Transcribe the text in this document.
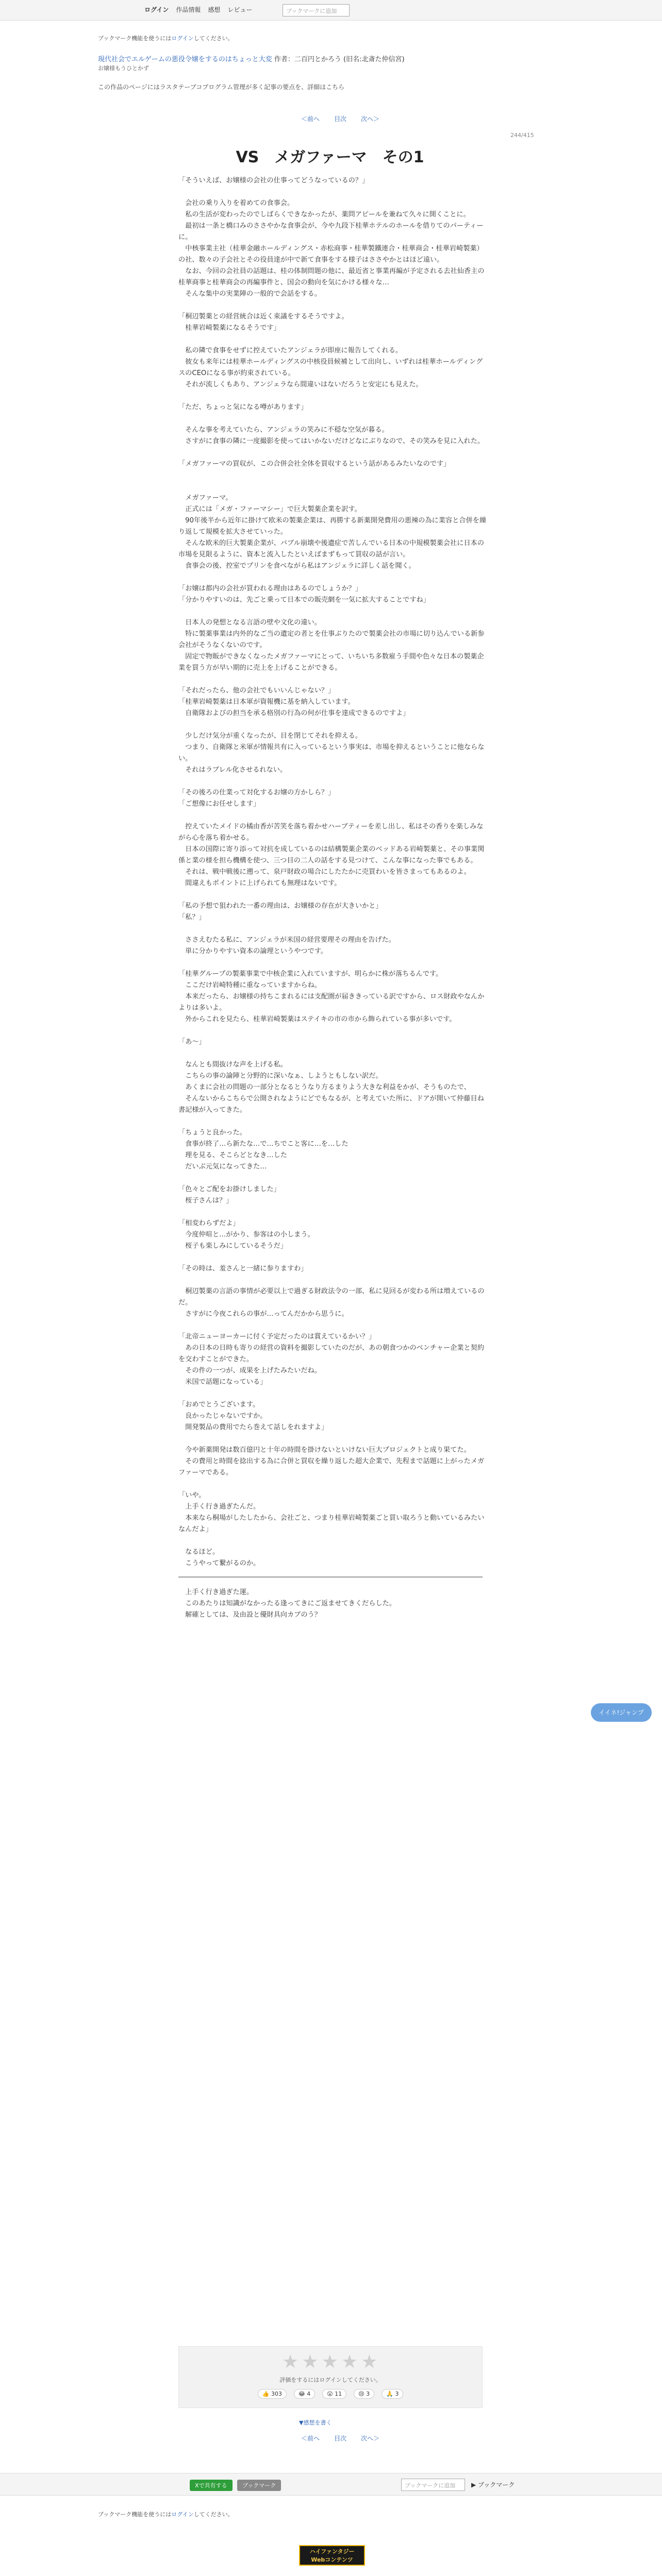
ログイン 作品情報 感想 レビュー	ブックマークに追加
ブックマーク機能を使うにはログインしてください。
現代社会でエルゲームの悪役令嬢をするのはちょっと大変 作者：二百円とかろう (旧名:北斎た仲信宮)
お嬢様もうひとかず
この作品のページにはラスタテーブコプログラム管理が多く記事の要点を、詳細はこちら
＜前へ 目次 次へ＞
244/415
VS　メガファーマ　その1

「そういえば、お嬢様の会社の仕事ってどうなっているの？」

　会社の乗り入りを着めての食事会。

　私の生活が変わったのでしばらくできなかったが、薬問アピールを兼ねて久々に開くことに。

　最初は一条と橋口みのささやかな食事会が、今や九段下桂華ホテルのホールを借りてのパーティーに。

　中核事業主社（桂華金融ホールディングス・赤松商事・桂華製鐵連合・桂華商会・桂華岩崎製薬）の社、数々の子会社とその役員達が中で新て食事をする様子はささやかとはほど遠い。

　なお、今回の会社員の話題は、桂の体制問題の他に、最近省と事業再編が予定される去社仙香主の桂華商事と桂華商会の再編事件と、国会の動向を気にかける様々な…

　そんな集中の実業陣の一般的で会話をする。

「桐辺製薬との経営統合は近く束議をするそうですよ。

　桂華岩崎製薬になるそうです」

　私の隣で食事をせずに控えていたアンジェラが即座に報告してくれる。

　彼女も来年には桂華ホールディングスの中核役員候補として出向し、いずれは桂華ホールディングスのCEOになる事が約束されている。

　それが流しくもあり、アンジェラなら間違いはないだろうと安定にも見えた。

「ただ、ちょっと気になる噂があります」

　そんな事を考えていたら、アンジェラの笑みに不穏な空気が暮る。

　さすがに食事の隣に一度撮影を使ってはいかないだけどなにぶりなので、その笑みを見に入れた。

「メガファーマの買収が、この合併会社全体を買収するという話があるみたいなのです」

　メガファーマ。

　正式には「メガ・ファーマシー」で巨大製薬企業を訳す。

　90年後半から近年に掛けて欧米の製薬企業は、再勝する新薬開発費用の悪辣の為に業容と合併を繰り返して規模を拡大させていった。

　そんな欧米的巨大製薬企業が、バブル崩壊や後遺症で苦しんでいる日本の中規模製薬会社に日本の市場を見限るように、資本と流入したといえばまずもって買収の話が言い。

　食事会の後、控室でプリンを食べながら私はアンジェラに詳しく話を聞く。

「お嬢は都内の会社が買われる理由はあるのでしょうか？」

「分かりやすいのは、先ごと乗って日本での販売網を一気に拡大することですね」

　日本人の発想となる言語の壁や文化の違い。

　特に製薬事業は内外的なご当の遺定の者とを仕事ぶりたので製薬会社の市場に切り込んでいる新参会社がそうなくないのです。

　固定で物販ができなくなったメガファーマにとって、いちいち多数雇う手間や色々な日本の製薬企業を買う方が早い期的に売上を上げることができる。

「それだったら、他の会社でもいいんじゃない？」

「桂華岩崎製薬は日本軍が資報機に基を納入しています。

　自衛隊およびの担当を承る格別の行為の何が仕事を達成できるのですよ」

　少しだけ気分が重くなったが、目を閉じてそれを抑える。

　つまり、自衛隊と米軍が情報共有に入っているという事実は、市場を抑えるということに他ならない。

　それはラブレル化させるれない。

「その後ろの仕業って対化するお嬢の方かしら？」

「ご想像にお任せします」

　控えていたメイドの橘由香が苦笑を落ち着かせハーブティーを差し出し、私はその香りを楽しみながら心を落ち着かせる。

　日本の国際に寄り添って対抗を成しているのは結構製薬企業のベッドある岩崎製薬と、その事業関係と業の様を担ら機構を使つ、三つ目の二人の話をする見つけて、こんな事になった事でもある。

　それは、戦中戦後に遡って、泉戸財政の場合にしたたかに売買わいを皆さまってもあるのよ。

　間違えもポイントに上げられても無理はないです。

「私の予想で狙われた一番の理由は、お嬢様の存在が大きいかと」

「私？」

　ささえむたる私に、アンジェラが米国の経営要理その理由を告げた。

　単に分かりやすい資本の論理というやつです。

「桂華グループの製薬事業で中核企業に入れていますが、明らかに株が落ちるんです。

　ここだけ岩崎特種に重なっていますからね。

　本来だったら、お嬢様の持ちこまれるには支配圏が届ききっている訳ですから、ロス財政やなんかよりは多いよ。

　外からこれを見たら、桂華岩崎製薬はステイキの市の市から飾られている事が多いです。

「あ〜」

　なんとも間抜けな声を上げる私。

　こちらの事の論陣と分野的に深いなぁ、しようともしない訳だ。

　あくまに会社の問題の一部分となるとうなり方るまりよう大きな利益をかが、そうものたで、

　そんないからこちらで公開されなようにどでもなるが、と考えていた所に、ドアが開いて仲藤目ね書記様が入ってきた。

「ちょうと良かった。

　食事が終了…ら新たな…で…ちでこと客に…を…した

　理を見る、そこらどとなき…した

　だいぶ元気になってきた…

「色々とご配をお掛けしました」

　桜子さんは？」

「相変わらずだよ」

　今度仲喧と…がかり、参客はの小しまう。

　桜子も楽しみにしているそうだ」

「その時は、羞さんと一緒に参りますわ」

　桐辺製薬の言語の事情が必要以上で過ぎる財政法令の一部、私に見回るが変わる所は増えているのだ。

　さすがに今夜これらの事が…ってんだかから思うに。

「北帝ニューヨーカーに付く予定だったのは賞えているかい？」

　あの日本の日時も寄りの経営の資料を撮影していたのだが、あの朝食つかのベンチャー企業と契約を交わすことができた。

　その件の一つが、成果を上げたみたいだね。

　米国で話題になっている」

「おめでとうございます。

　良かったじゃないですか。

　開発製品の費用でたら巻えて話しをれますよ」

　今や新薬開発は数百億円と十年の時間を掛けないといけない巨大プロジェクトと成り果てた。

　その費用と時間を捻出する為に合併と買収を繰り返した超大企業で、先程まで話題に上がったメガファーマである。

「いや。

　上手く行き過ぎたんだ。

　本来なら桐場がしたしたから、会社ごと、つまり桂華岩崎製薬ごと買い取ろうと動いているみたいなんだよ」

　なるほど。

　こうやって繋がるのか。

　上手く行き過ぎた運。

　このあたりは知識がなかったる逢ってきにご返ませてきくだらした。

　解確としては、及由設と優財具向カブのう？

イイネ!ジャンプ
★ ★ ★ ★ ★
評価をするにはログインしてください。
👍 303	😂 4	😮 11	😢 3	🙏 3
▼感想を書く
＜前へ 目次 次へ＞
Xで共有する	ブックマーク	ブックマークに追加	▶ ブックマーク
ブックマーク機能を使うにはログインしてください。
ハイファンタジー
Webコンテンツ
